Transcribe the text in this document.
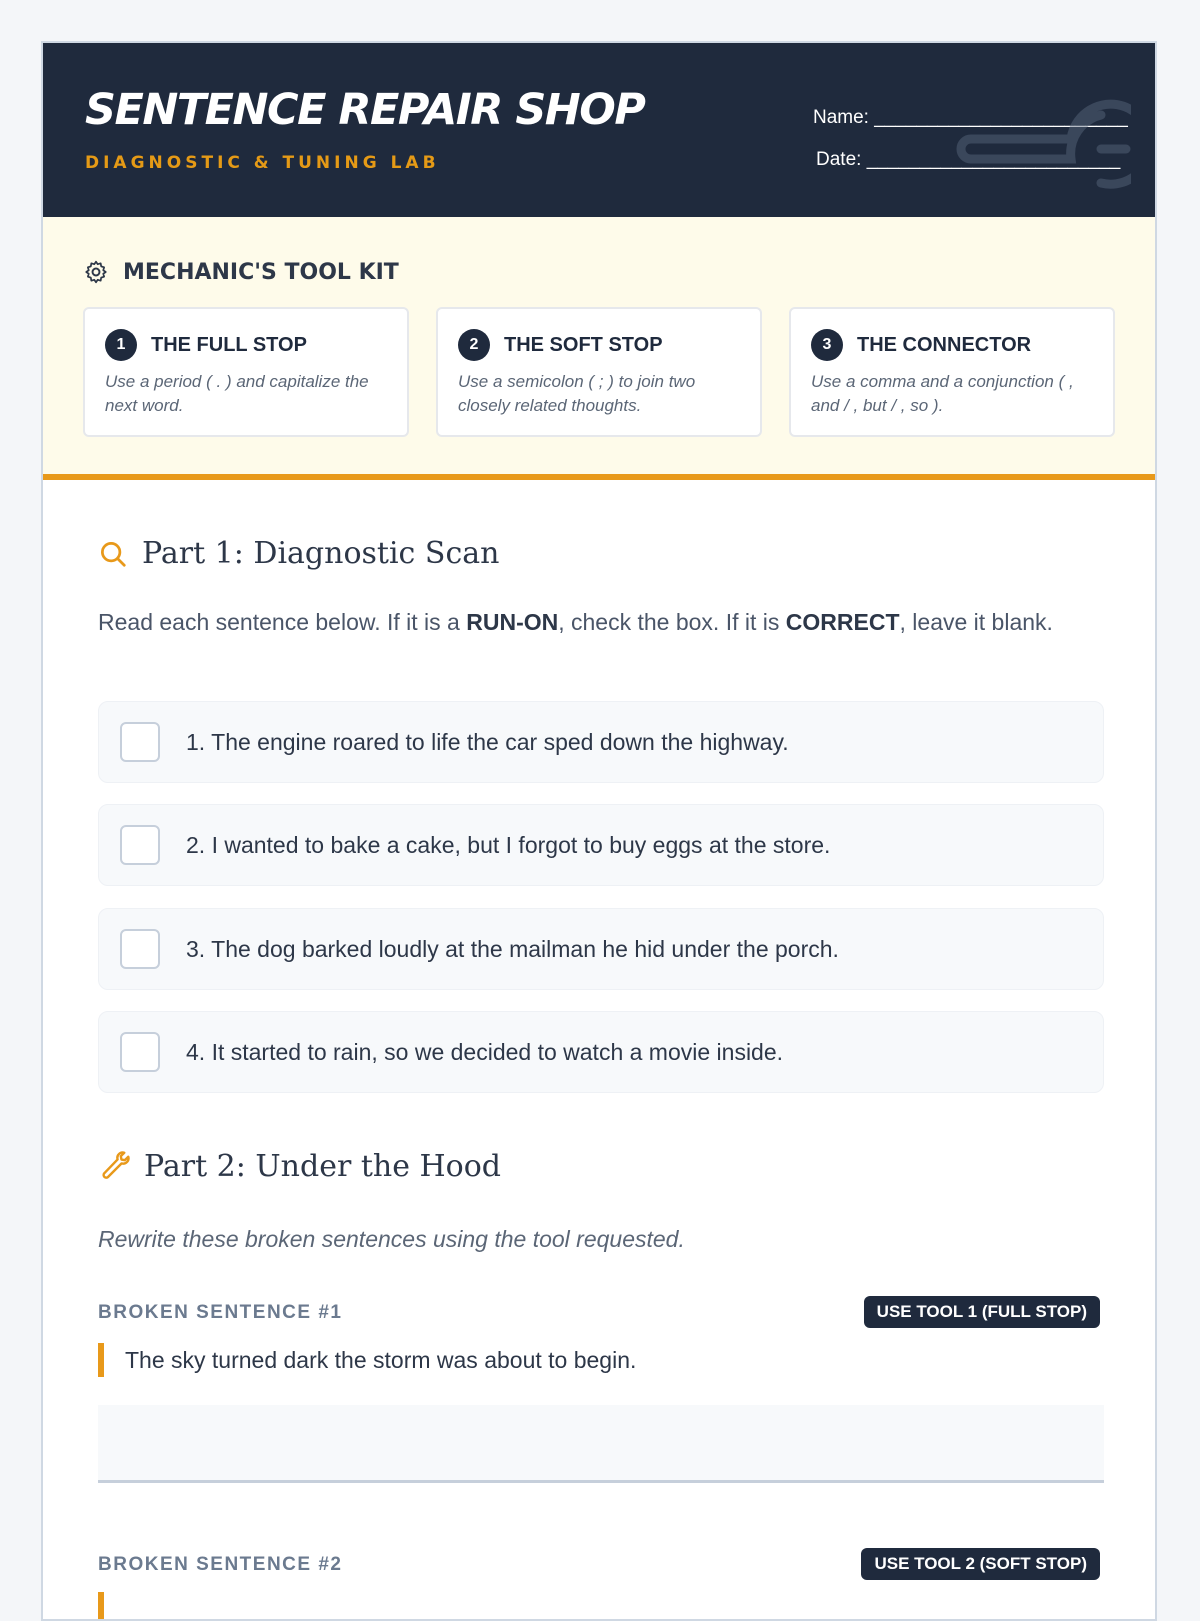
SENTENCE REPAIR SHOP
DIAGNOSTIC & TUNING LAB
Name: ________________________
Date: ________________________
MECHANIC'S TOOL KIT
1	THE FULL STOP
Use a period ( . ) and capitalize the next word.
2	THE SOFT STOP
Use a semicolon ( ; ) to join two closely related thoughts.
3	THE CONNECTOR
Use a comma and a conjunction ( , and / , but / , so ).
Part 1: Diagnostic Scan
Read each sentence below. If it is a RUN-ON, check the box. If it is CORRECT, leave it blank.
1. The engine roared to life the car sped down the highway.
2. I wanted to bake a cake, but I forgot to buy eggs at the store.
3. The dog barked loudly at the mailman he hid under the porch.
4. It started to rain, so we decided to watch a movie inside.
Part 2: Under the Hood
Rewrite these broken sentences using the tool requested.
BROKEN SENTENCE #1	USE TOOL 1 (FULL STOP)
The sky turned dark the storm was about to begin.
BROKEN SENTENCE #2	USE TOOL 2 (SOFT STOP)
